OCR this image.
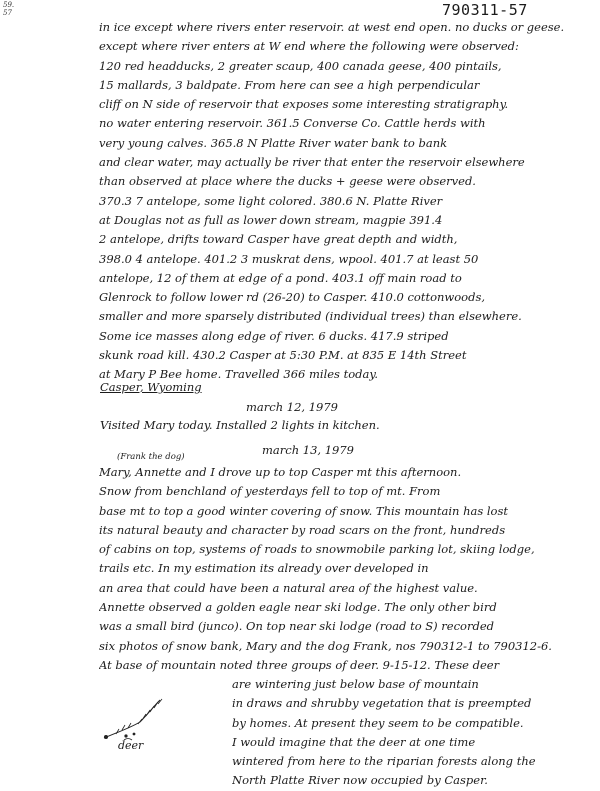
59.
57	790311-57
in ice except where rivers enter reservoir. at west end open. no ducks or geese.
except where river enters at W end where the following were observed:
120 red headducks, 2 greater scaup, 400 canada geese, 400 pintails,
15 mallards, 3 baldpate. From here can see a high perpendicular
cliff on N side of reservoir that exposes some interesting stratigraphy.
no water entering reservoir. 361.5 Converse Co. Cattle herds with
very young calves. 365.8 N Platte River water bank to bank
and clear water, may actually be river that enter the reservoir elsewhere
than observed at place where the ducks + geese were observed.
370.3 7 antelope, some light colored. 380.6 N. Platte River
at Douglas not as full as lower down stream, magpie 391.4
2 antelope, drifts toward Casper have great depth and width,
398.0 4 antelope. 401.2 3 muskrat dens, wpool. 401.7 at least 50
antelope, 12 of them at edge of a pond. 403.1 off main road to
Glenrock to follow lower rd (26-20) to Casper. 410.0 cottonwoods,
smaller and more sparsely distributed (individual trees) than elsewhere.
Some ice masses along edge of river. 6 ducks. 417.9 striped
skunk road kill. 430.2 Casper at 5:30 P.M. at 835 E 14th Street
at Mary P Bee home. Travelled 366 miles today.
Casper, Wyoming
march 12, 1979
Visited Mary today. Installed 2 lights in kitchen.
march 13, 1979
(Frank the dog)
Mary, Annette and I drove up to top Casper mt this afternoon.
Snow from benchland of yesterdays fell to top of mt. From
base mt to top a good winter covering of snow. This mountain has lost
its natural beauty and character by road scars on the front, hundreds
of cabins on top, systems of roads to snowmobile parking lot, skiing lodge,
trails etc. In my estimation its already over developed in
an area that could have been a natural area of the highest value.
Annette observed a golden eagle near ski lodge. The only other bird
was a small bird (junco). On top near ski lodge (road to S) recorded
six photos of snow bank, Mary and the dog Frank, nos 790312-1 to 790312-6.
At base of mountain noted three groups of deer. 9-15-12. These deer
are wintering just below base of mountain
in draws and shrubby vegetation that is preempted
by homes. At present they seem to be compatible.
I would imagine that the deer at one time
wintered from here to the riparian forests along the
North Platte River now occupied by Casper.
deer
